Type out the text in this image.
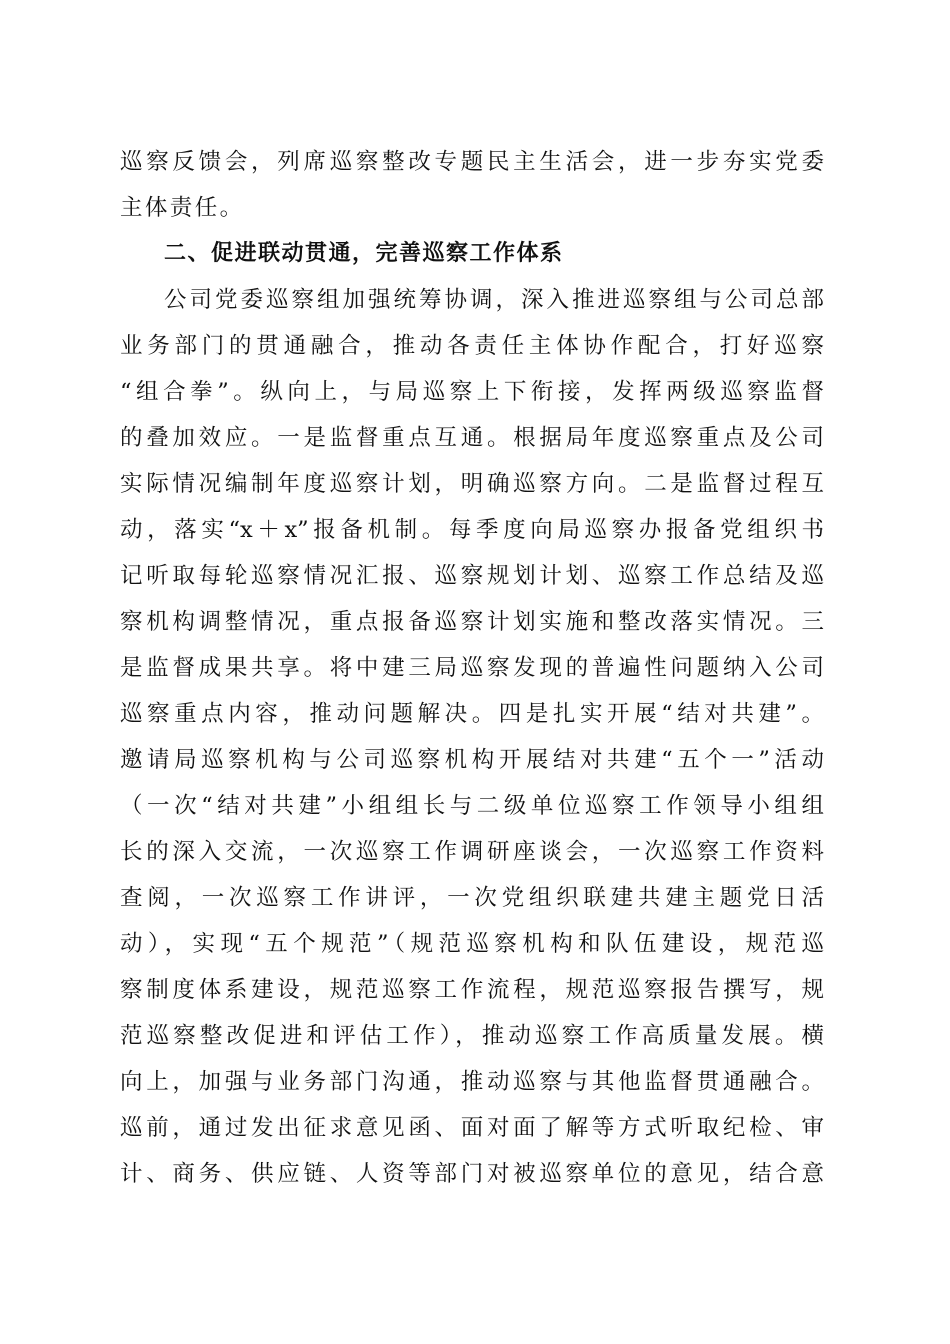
巡察反馈会，列席巡察整改专题民主生活会，进一步夯实党委
主体责任。
二、促进联动贯通，完善巡察工作体系
公司党委巡察组加强统筹协调，深入推进巡察组与公司总部
业务部门的贯通融合，推动各责任主体协作配合，打好巡察
“组合拳”。纵向上，与局巡察上下衔接，发挥两级巡察监督
的叠加效应。一是监督重点互通。根据局年度巡察重点及公司
实际情况编制年度巡察计划，明确巡察方向。二是监督过程互
动，落实“x＋x”报备机制。每季度向局巡察办报备党组织书
记听取每轮巡察情况汇报、巡察规划计划、巡察工作总结及巡
察机构调整情况，重点报备巡察计划实施和整改落实情况。三
是监督成果共享。将中建三局巡察发现的普遍性问题纳入公司
巡察重点内容，推动问题解决。四是扎实开展“结对共建”。
邀请局巡察机构与公司巡察机构开展结对共建“五个一”活动
（一次“结对共建”小组组长与二级单位巡察工作领导小组组
长的深入交流，一次巡察工作调研座谈会，一次巡察工作资料
查阅，一次巡察工作讲评，一次党组织联建共建主题党日活
动），实现“五个规范”（规范巡察机构和队伍建设，规范巡
察制度体系建设，规范巡察工作流程，规范巡察报告撰写，规
范巡察整改促进和评估工作），推动巡察工作高质量发展。横
向上，加强与业务部门沟通，推动巡察与其他监督贯通融合。
巡前，通过发出征求意见函、面对面了解等方式听取纪检、审
计、商务、供应链、人资等部门对被巡察单位的意见，结合意
